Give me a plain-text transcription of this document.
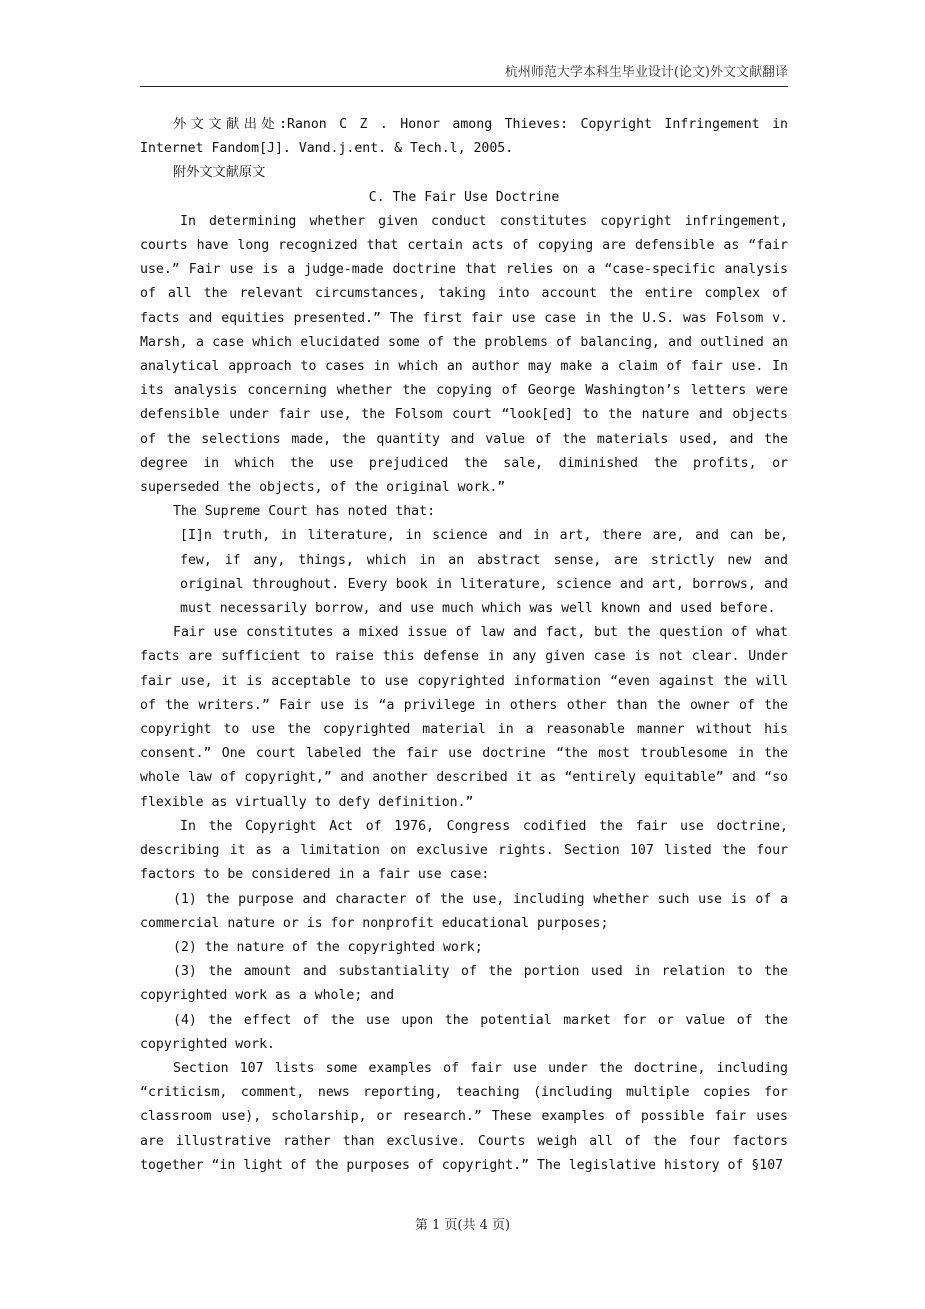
杭州师范大学本科生毕业设计(论文)外文文献翻译

外文文献出处:Ranon C Z . Honor among Thieves: Copyright Infringement in Internet Fandom[J]. Vand.j.ent. & Tech.l, 2005.

附外文文献原文

C. The Fair Use Doctrine

In determining whether given conduct constitutes copyright infringement, courts have long recognized that certain acts of copying are defensible as “fair use.” Fair use is a judge-made doctrine that relies on a “case-specific analysis of all the relevant circumstances, taking into account the entire complex of facts and equities presented.” The first fair use case in the U.S. was Folsom v. Marsh, a case which elucidated some of the problems of balancing, and outlined an analytical approach to cases in which an author may make a claim of fair use. In its analysis concerning whether the copying of George Washington’s letters were defensible under fair use, the Folsom court “look[ed] to the nature and objects of the selections made, the quantity and value of the materials used, and the degree in which the use prejudiced the sale, diminished the profits, or superseded the objects, of the original work.”

The Supreme Court has noted that:

[I]n truth, in literature, in science and in art, there are, and can be, few, if any, things, which in an abstract sense, are strictly new and original throughout. Every book in literature, science and art, borrows, and must necessarily borrow, and use much which was well known and used before.

Fair use constitutes a mixed issue of law and fact, but the question of what facts are sufficient to raise this defense in any given case is not clear. Under fair use, it is acceptable to use copyrighted information “even against the will of the writers.” Fair use is “a privilege in others other than the owner of the copyright to use the copyrighted material in a reasonable manner without his consent.” One court labeled the fair use doctrine “the most troublesome in the whole law of copyright,” and another described it as “entirely equitable” and “so flexible as virtually to defy definition.”

In the Copyright Act of 1976, Congress codified the fair use doctrine, describing it as a limitation on exclusive rights. Section 107 listed the four factors to be considered in a fair use case:

(1) the purpose and character of the use, including whether such use is of a commercial nature or is for nonprofit educational purposes;

(2) the nature of the copyrighted work;

(3) the amount and substantiality of the portion used in relation to the copyrighted work as a whole; and

(4) the effect of the use upon the potential market for or value of the copyrighted work.

Section 107 lists some examples of fair use under the doctrine, including “criticism, comment, news reporting, teaching (including multiple copies for classroom use), scholarship, or research.” These examples of possible fair uses are illustrative rather than exclusive. Courts weigh all of the four factors together “in light of the purposes of copyright.” The legislative history of §107

第 1 页(共 4 页)
